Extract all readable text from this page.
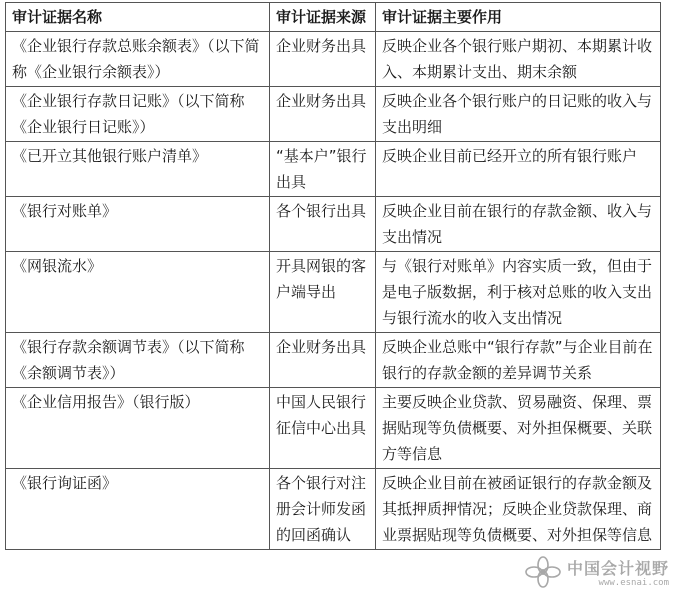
审计证据名称	审计证据来源	审计证据主要作用
《企业银行存款总账余额表》（以下简称《企业银行余额表》）	企业财务出具	反映企业各个银行账户期初、本期累计收入、本期累计支出、期末余额
《企业银行存款日记账》（以下简称《企业银行日记账》）	企业财务出具	反映企业各个银行账户的日记账的收入与支出明细
《已开立其他银行账户清单》	“基本户”银行出具	反映企业目前已经开立的所有银行账户
《银行对账单》	各个银行出具	反映企业目前在银行的存款金额、收入与支出情况
《网银流水》	开具网银的客户端导出	与《银行对账单》内容实质一致，但由于是电子版数据，利于核对总账的收入支出与银行流水的收入支出情况
《银行存款余额调节表》（以下简称《余额调节表》）	企业财务出具	反映企业总账中“银行存款”与企业目前在银行的存款金额的差异调节关系
《企业信用报告》（银行版）	中国人民银行征信中心出具	主要反映企业贷款、贸易融资、保理、票据贴现等负债概要、对外担保概要、关联方等信息
《银行询证函》	各个银行对注册会计师发函的回函确认	反映企业目前在被函证银行的存款金额及其抵押质押情况；反映企业贷款保理、商业票据贴现等负债概要、对外担保等信息
中国会计视野
www.esnai.com
